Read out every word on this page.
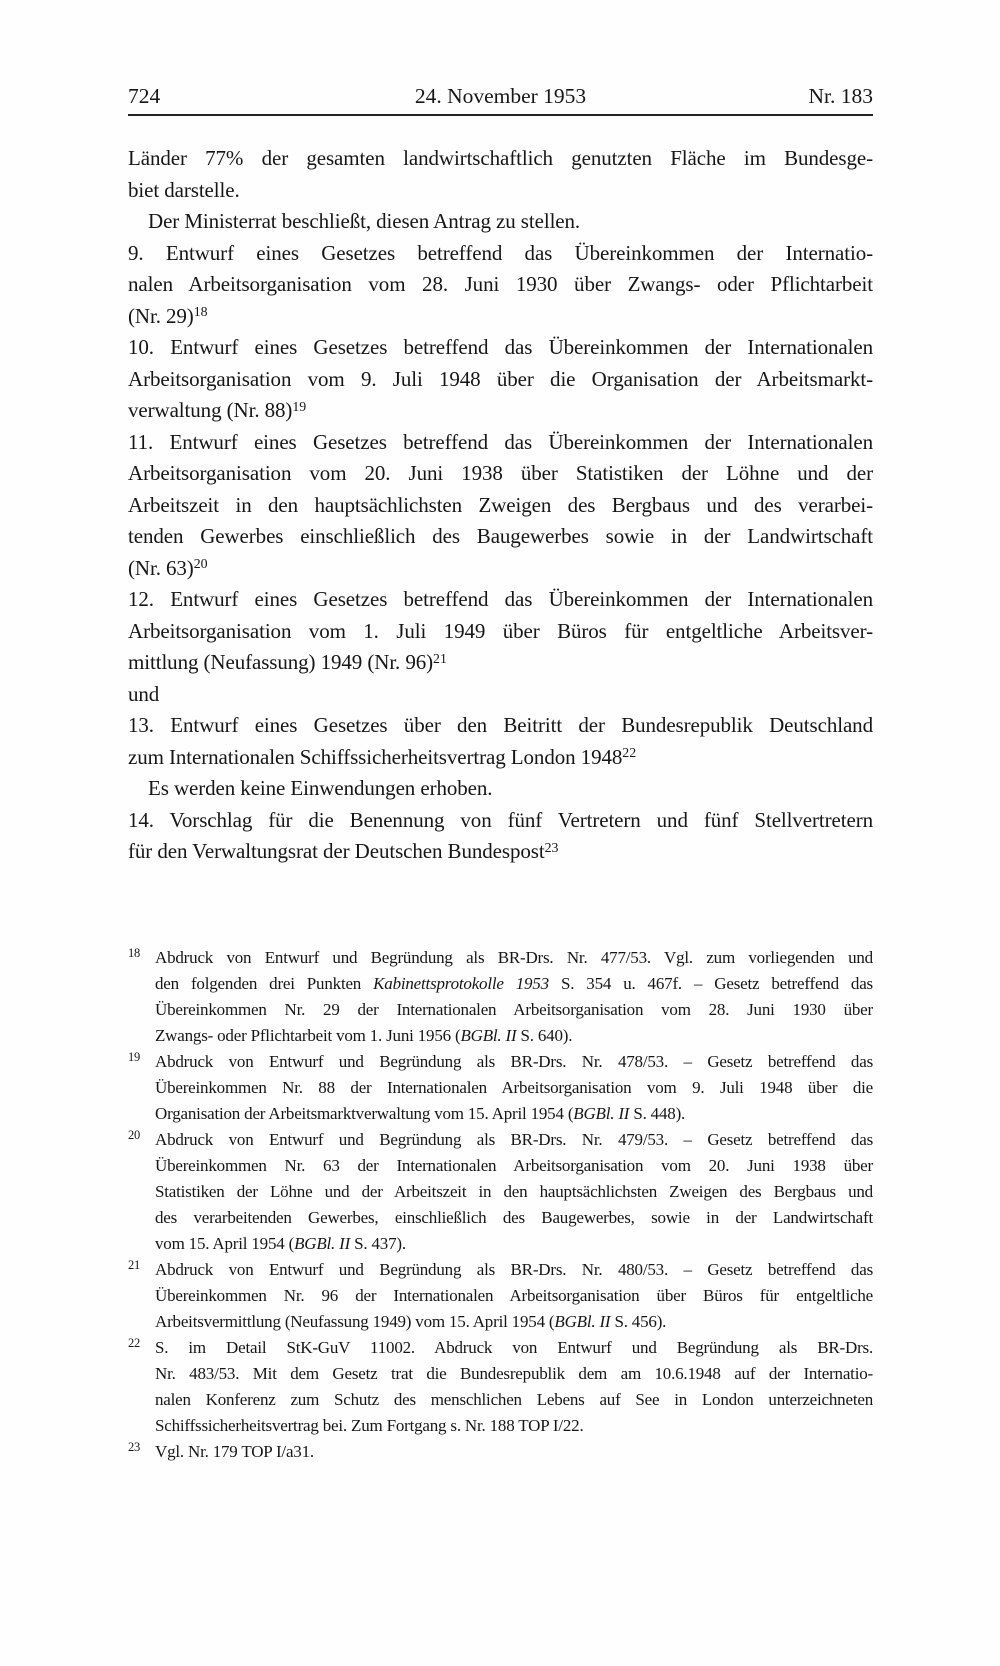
724	24. November 1953	Nr. 183
Länder 77% der gesamten landwirtschaftlich genutzten Fläche im Bundesge-
biet darstelle.
Der Ministerrat beschließt, diesen Antrag zu stellen.
9. Entwurf eines Gesetzes betreffend das Übereinkommen der Internatio-
nalen Arbeitsorganisation vom 28. Juni 1930 über Zwangs- oder Pflichtarbeit
(Nr. 29)$^{18}$
10. Entwurf eines Gesetzes betreffend das Übereinkommen der Internationalen
Arbeitsorganisation vom 9. Juli 1948 über die Organisation der Arbeitsmarkt-
verwaltung (Nr. 88)$^{19}$
11. Entwurf eines Gesetzes betreffend das Übereinkommen der Internationalen
Arbeitsorganisation vom 20. Juni 1938 über Statistiken der Löhne und der
Arbeitszeit in den hauptsächlichsten Zweigen des Bergbaus und des verarbei-
tenden Gewerbes einschließlich des Baugewerbes sowie in der Landwirtschaft
(Nr. 63)$^{20}$
12. Entwurf eines Gesetzes betreffend das Übereinkommen der Internationalen
Arbeitsorganisation vom 1. Juli 1949 über Büros für entgeltliche Arbeitsver-
mittlung (Neufassung) 1949 (Nr. 96)$^{21}$
und
13. Entwurf eines Gesetzes über den Beitritt der Bundesrepublik Deutschland
zum Internationalen Schiffssicherheitsvertrag London 1948$^{22}$
Es werden keine Einwendungen erhoben.
14. Vorschlag für die Benennung von fünf Vertretern und fünf Stellvertretern
für den Verwaltungsrat der Deutschen Bundespost$^{23}$
18 Abdruck von Entwurf und Begründung als BR-Drs. Nr. 477/53. Vgl. zum vorliegenden und
den folgenden drei Punkten Kabinettsprotokolle 1953 S. 354 u. 467f. – Gesetz betreffend das
Übereinkommen Nr. 29 der Internationalen Arbeitsorganisation vom 28. Juni 1930 über
Zwangs- oder Pflichtarbeit vom 1. Juni 1956 (BGBl. II S. 640).
19 Abdruck von Entwurf und Begründung als BR-Drs. Nr. 478/53. – Gesetz betreffend das
Übereinkommen Nr. 88 der Internationalen Arbeitsorganisation vom 9. Juli 1948 über die
Organisation der Arbeitsmarktverwaltung vom 15. April 1954 (BGBl. II S. 448).
20 Abdruck von Entwurf und Begründung als BR-Drs. Nr. 479/53. – Gesetz betreffend das
Übereinkommen Nr. 63 der Internationalen Arbeitsorganisation vom 20. Juni 1938 über
Statistiken der Löhne und der Arbeitszeit in den hauptsächlichsten Zweigen des Bergbaus und
des verarbeitenden Gewerbes, einschließlich des Baugewerbes, sowie in der Landwirtschaft
vom 15. April 1954 (BGBl. II S. 437).
21 Abdruck von Entwurf und Begründung als BR-Drs. Nr. 480/53. – Gesetz betreffend das
Übereinkommen Nr. 96 der Internationalen Arbeitsorganisation über Büros für entgeltliche
Arbeitsvermittlung (Neufassung 1949) vom 15. April 1954 (BGBl. II S. 456).
22 S. im Detail StK-GuV 11002. Abdruck von Entwurf und Begründung als BR-Drs.
Nr. 483/53. Mit dem Gesetz trat die Bundesrepublik dem am 10.6.1948 auf der Internatio-
nalen Konferenz zum Schutz des menschlichen Lebens auf See in London unterzeichneten
Schiffssicherheitsvertrag bei. Zum Fortgang s. Nr. 188 TOP I/22.
23 Vgl. Nr. 179 TOP I/a31.
